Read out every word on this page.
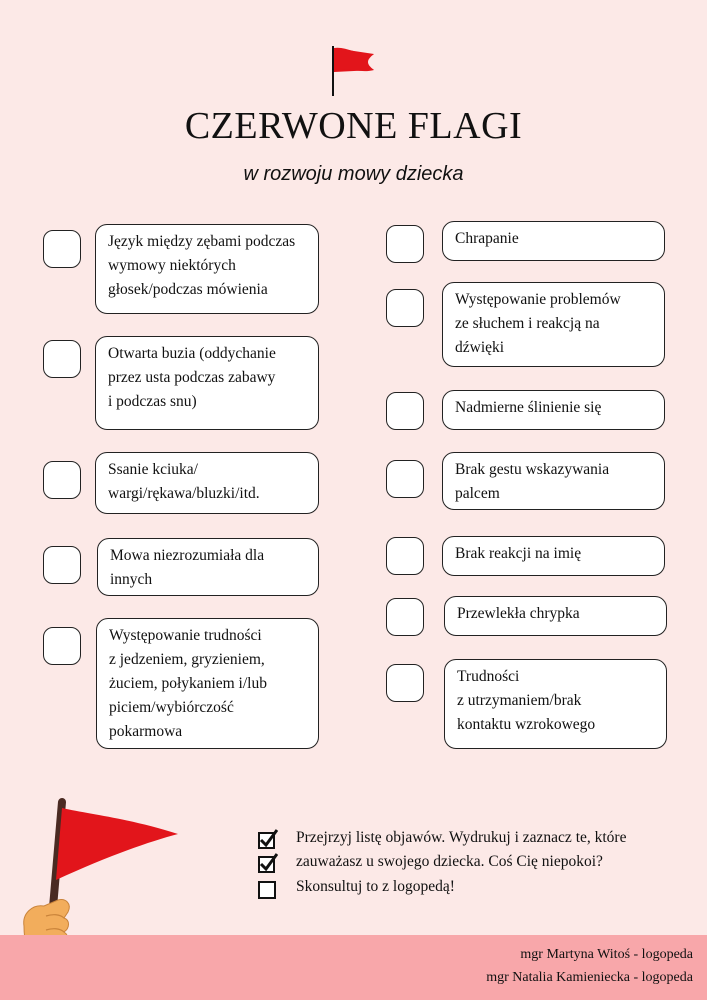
CZERWONE FLAGI
w rozwoju mowy dziecka
Język między zębami podczas
wymowy niektórych
głosek/podczas mówienia
Otwarta buzia (oddychanie
przez usta podczas zabawy
i podczas snu)
Ssanie kciuka/
wargi/rękawa/bluzki/itd.
Mowa niezrozumiała dla
innych
Występowanie trudności
z jedzeniem, gryzieniem,
żuciem, połykaniem i/lub
piciem/wybiórczość
pokarmowa
Chrapanie
Występowanie problemów
ze słuchem i reakcją na
dźwięki
Nadmierne ślinienie się
Brak gestu wskazywania
palcem
Brak reakcji na imię
Przewlekła chrypka
Trudności
z utrzymaniem/brak
kontaktu wzrokowego
Przejrzyj listę objawów. Wydrukuj i zaznacz te, które
zauważasz u swojego dziecka. Coś Cię niepokoi?
Skonsultuj to z logopedą!
mgr Martyna Witoś - logopeda
mgr Natalia Kamieniecka - logopeda
